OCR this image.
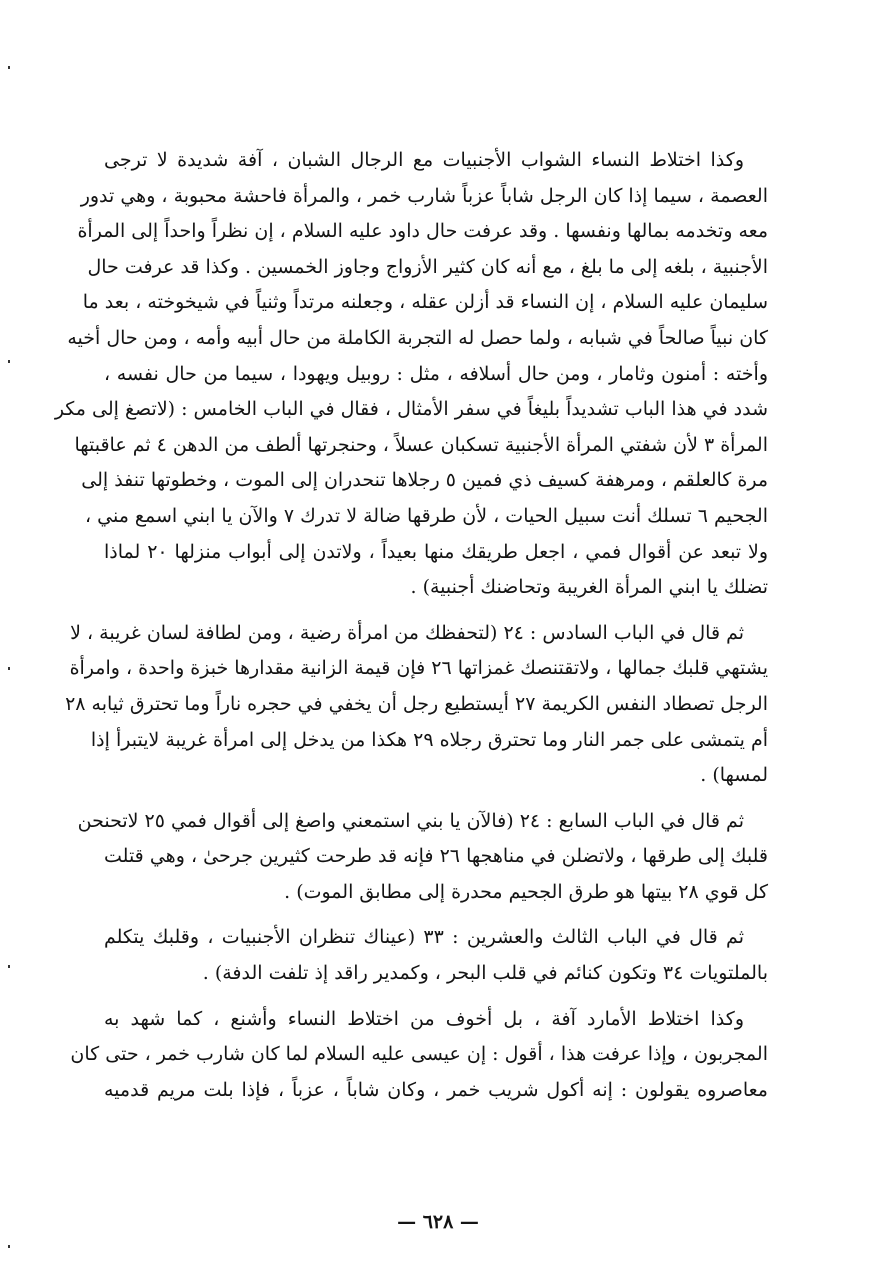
وكذا اختلاط النساء الشواب الأجنبيات مع الرجال الشبان ، آفة شديدة لا ترجى
العصمة ، سيما إذا كان الرجل شاباً عزباً شارب خمر ، والمرأة فاحشة محبوبة ، وهي تدور
معه وتخدمه بمالها ونفسها . وقد عرفت حال داود عليه السلام ، إن نظراً واحداً إلى المرأة
الأجنبية ، بلغه إلى ما بلغ ، مع أنه كان كثير الأزواج وجاوز الخمسين . وكذا قد عرفت حال
سليمان عليه السلام ، إن النساء قد أزلن عقله ، وجعلنه مرتداً وثنياً في شيخوخته ، بعد ما
كان نبياً صالحاً في شبابه ، ولما حصل له التجربة الكاملة من حال أبيه وأمه ، ومن حال أخيه
وأخته : أمنون وثامار ، ومن حال أسلافه ، مثل : روبيل ويهودا ، سيما من حال نفسه ،
شدد في هذا الباب تشديداً بليغاً في سفر الأمثال ، فقال في الباب الخامس : (لاتصغ إلى مكر
المرأة ٣ لأن شفتي المرأة الأجنبية تسكبان عسلاً ، وحنجرتها ألطف من الدهن ٤ ثم عاقبتها
مرة كالعلقم ، ومرهفة كسيف ذي فمين ٥ رجلاها تنحدران إلى الموت ، وخطوتها تنفذ إلى
الجحيم ٦ تسلك أنت سبيل الحيات ، لأن طرقها ضالة لا تدرك ٧ والآن يا ابني اسمع مني ،
ولا تبعد عن أقوال فمي ، اجعل طريقك منها بعيداً ، ولاتدن إلى أبواب منزلها ٢٠ لماذا
تضلك يا ابني المرأة الغريبة وتحاضنك أجنبية) .
ثم قال في الباب السادس : ٢٤ (لتحفظك من امرأة رضية ، ومن لطافة لسان غريبة ، لا
يشتهي قلبك جمالها ، ولاتقتنصك غمزاتها ٢٦ فإن قيمة الزانية مقدارها خبزة واحدة ، وامرأة
الرجل تصطاد النفس الكريمة ٢٧ أيستطيع رجل أن يخفي في حجره ناراً وما تحترق ثيابه ٢٨
أم يتمشى على جمر النار وما تحترق رجلاه ٢٩ هكذا من يدخل إلى امرأة غريبة لايتبرأ إذا
لمسها) .
ثم قال في الباب السابع : ٢٤ (فالآن يا بني استمعني واصغ إلى أقوال فمي ٢٥ لاتحنحن
قلبك إلى طرقها ، ولاتضلن في مناهجها ٢٦ فإنه قد طرحت كثيرين جرحىٰ ، وهي قتلت
كل قوي ٢٨ بيتها هو طرق الجحيم محدرة إلى مطابق الموت) .
ثم قال في الباب الثالث والعشرين : ٣٣ (عيناك تنظران الأجنبيات ، وقلبك يتكلم
بالملتويات ٣٤ وتكون كنائم في قلب البحر ، وكمدير راقد إذ تلفت الدفة) .
وكذا اختلاط الأمارد آفة ، بل أخوف من اختلاط النساء وأشنع ، كما شهد به
المجربون ، وإذا عرفت هذا ، أقول : إن عيسى عليه السلام لما كان شارب خمر ، حتى كان
معاصروه يقولون : إنه أكول شريب خمر ، وكان شاباً ، عزباً ، فإذا بلت مريم قدميه
— ٦٢٨ —
